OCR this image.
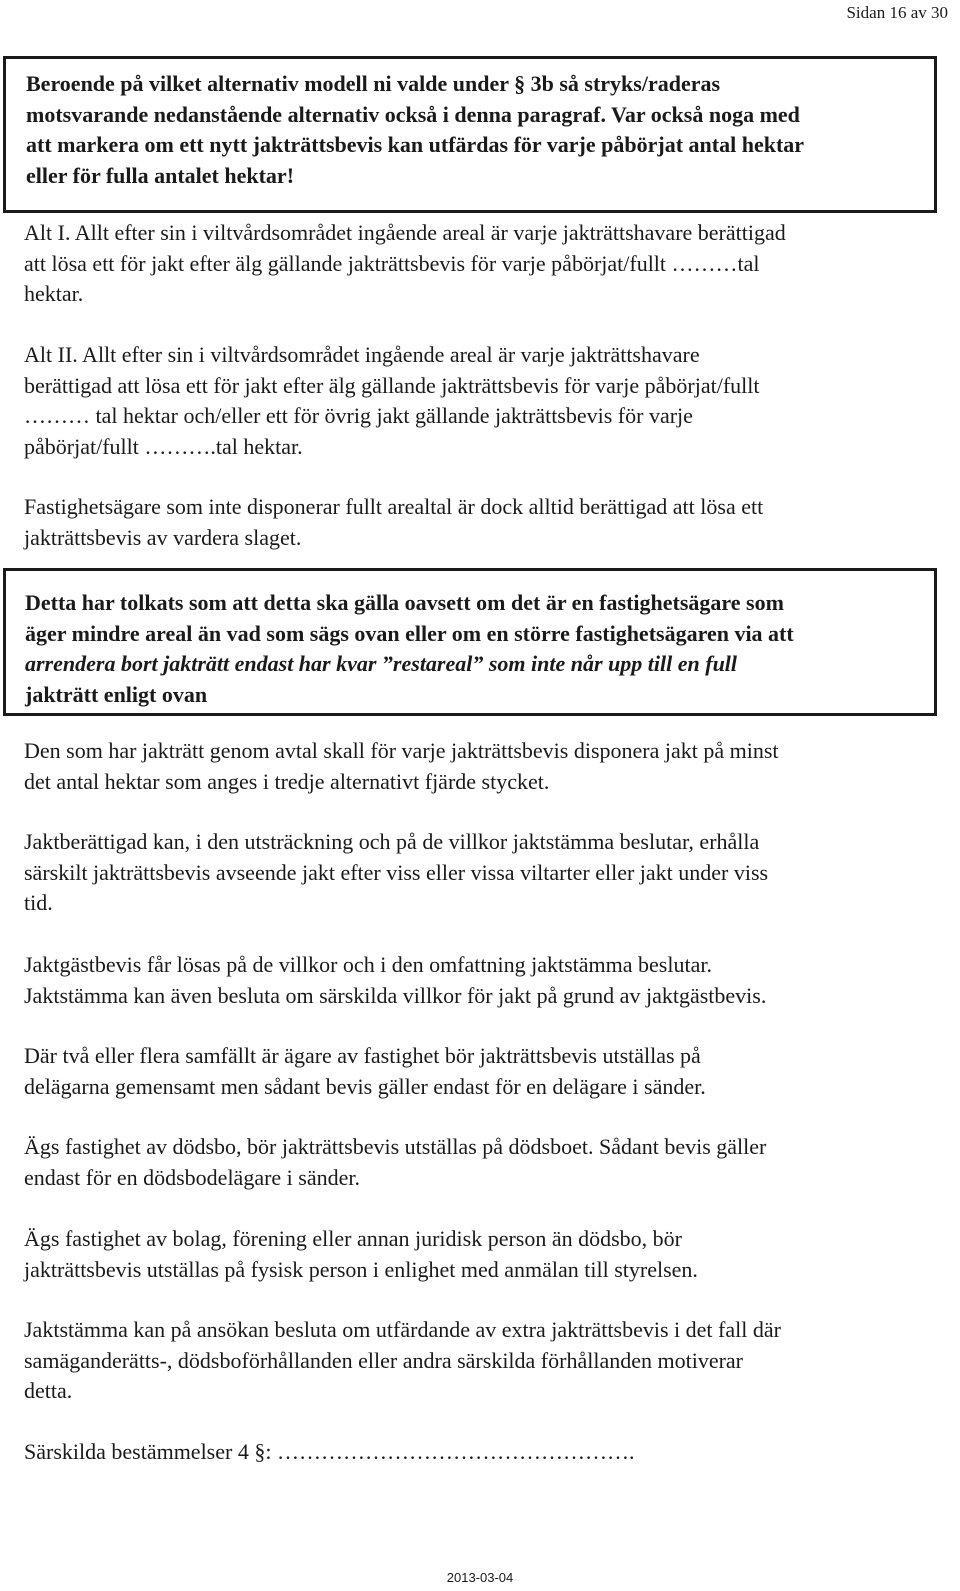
Sidan 16 av 30
Beroende på vilket alternativ modell ni valde under § 3b så stryks/raderas
motsvarande nedanstående alternativ också i denna paragraf. Var också noga med
att markera om ett nytt jakträttsbevis kan utfärdas för varje påbörjat antal hektar
eller för fulla antalet hektar!

Alt I. Allt efter sin i viltvårdsområdet ingående areal är varje jakträttshavare berättigad
att lösa ett för jakt efter älg gällande jakträttsbevis för varje påbörjat/fullt ………tal
hektar.

Alt II. Allt efter sin i viltvårdsområdet ingående areal är varje jakträttshavare
berättigad att lösa ett för jakt efter älg gällande jakträttsbevis för varje påbörjat/fullt
……… tal hektar och/eller ett för övrig jakt gällande jakträttsbevis för varje
påbörjat/fullt ……….tal hektar.

Fastighetsägare som inte disponerar fullt arealtal är dock alltid berättigad att lösa ett
jakträttsbevis av vardera slaget.

Detta har tolkats som att detta ska gälla oavsett om det är en fastighetsägare som
äger mindre areal än vad som sägs ovan eller om en större fastighetsägaren via att
arrendera bort jakträtt endast har kvar ”restareal” som inte når upp till en full
jakträtt enligt ovan

Den som har jakträtt genom avtal skall för varje jakträttsbevis disponera jakt på minst
det antal hektar som anges i tredje alternativt fjärde stycket.

Jaktberättigad kan, i den utsträckning och på de villkor jaktstämma beslutar, erhålla
särskilt jakträttsbevis avseende jakt efter viss eller vissa viltarter eller jakt under viss
tid.

Jaktgästbevis får lösas på de villkor och i den omfattning jaktstämma beslutar.
Jaktstämma kan även besluta om särskilda villkor för jakt på grund av jaktgästbevis.

Där två eller flera samfällt är ägare av fastighet bör jakträttsbevis utställas på
delägarna gemensamt men sådant bevis gäller endast för en delägare i sänder.

Ägs fastighet av dödsbo, bör jakträttsbevis utställas på dödsboet. Sådant bevis gäller
endast för en dödsbodelägare i sänder.

Ägs fastighet av bolag, förening eller annan juridisk person än dödsbo, bör
jakträttsbevis utställas på fysisk person i enlighet med anmälan till styrelsen.

Jaktstämma kan på ansökan besluta om utfärdande av extra jakträttsbevis i det fall där
samäganderätts-, dödsboförhållanden eller andra särskilda förhållanden motiverar
detta.

Särskilda bestämmelser 4 §: ………………………………………….

2013-03-04
